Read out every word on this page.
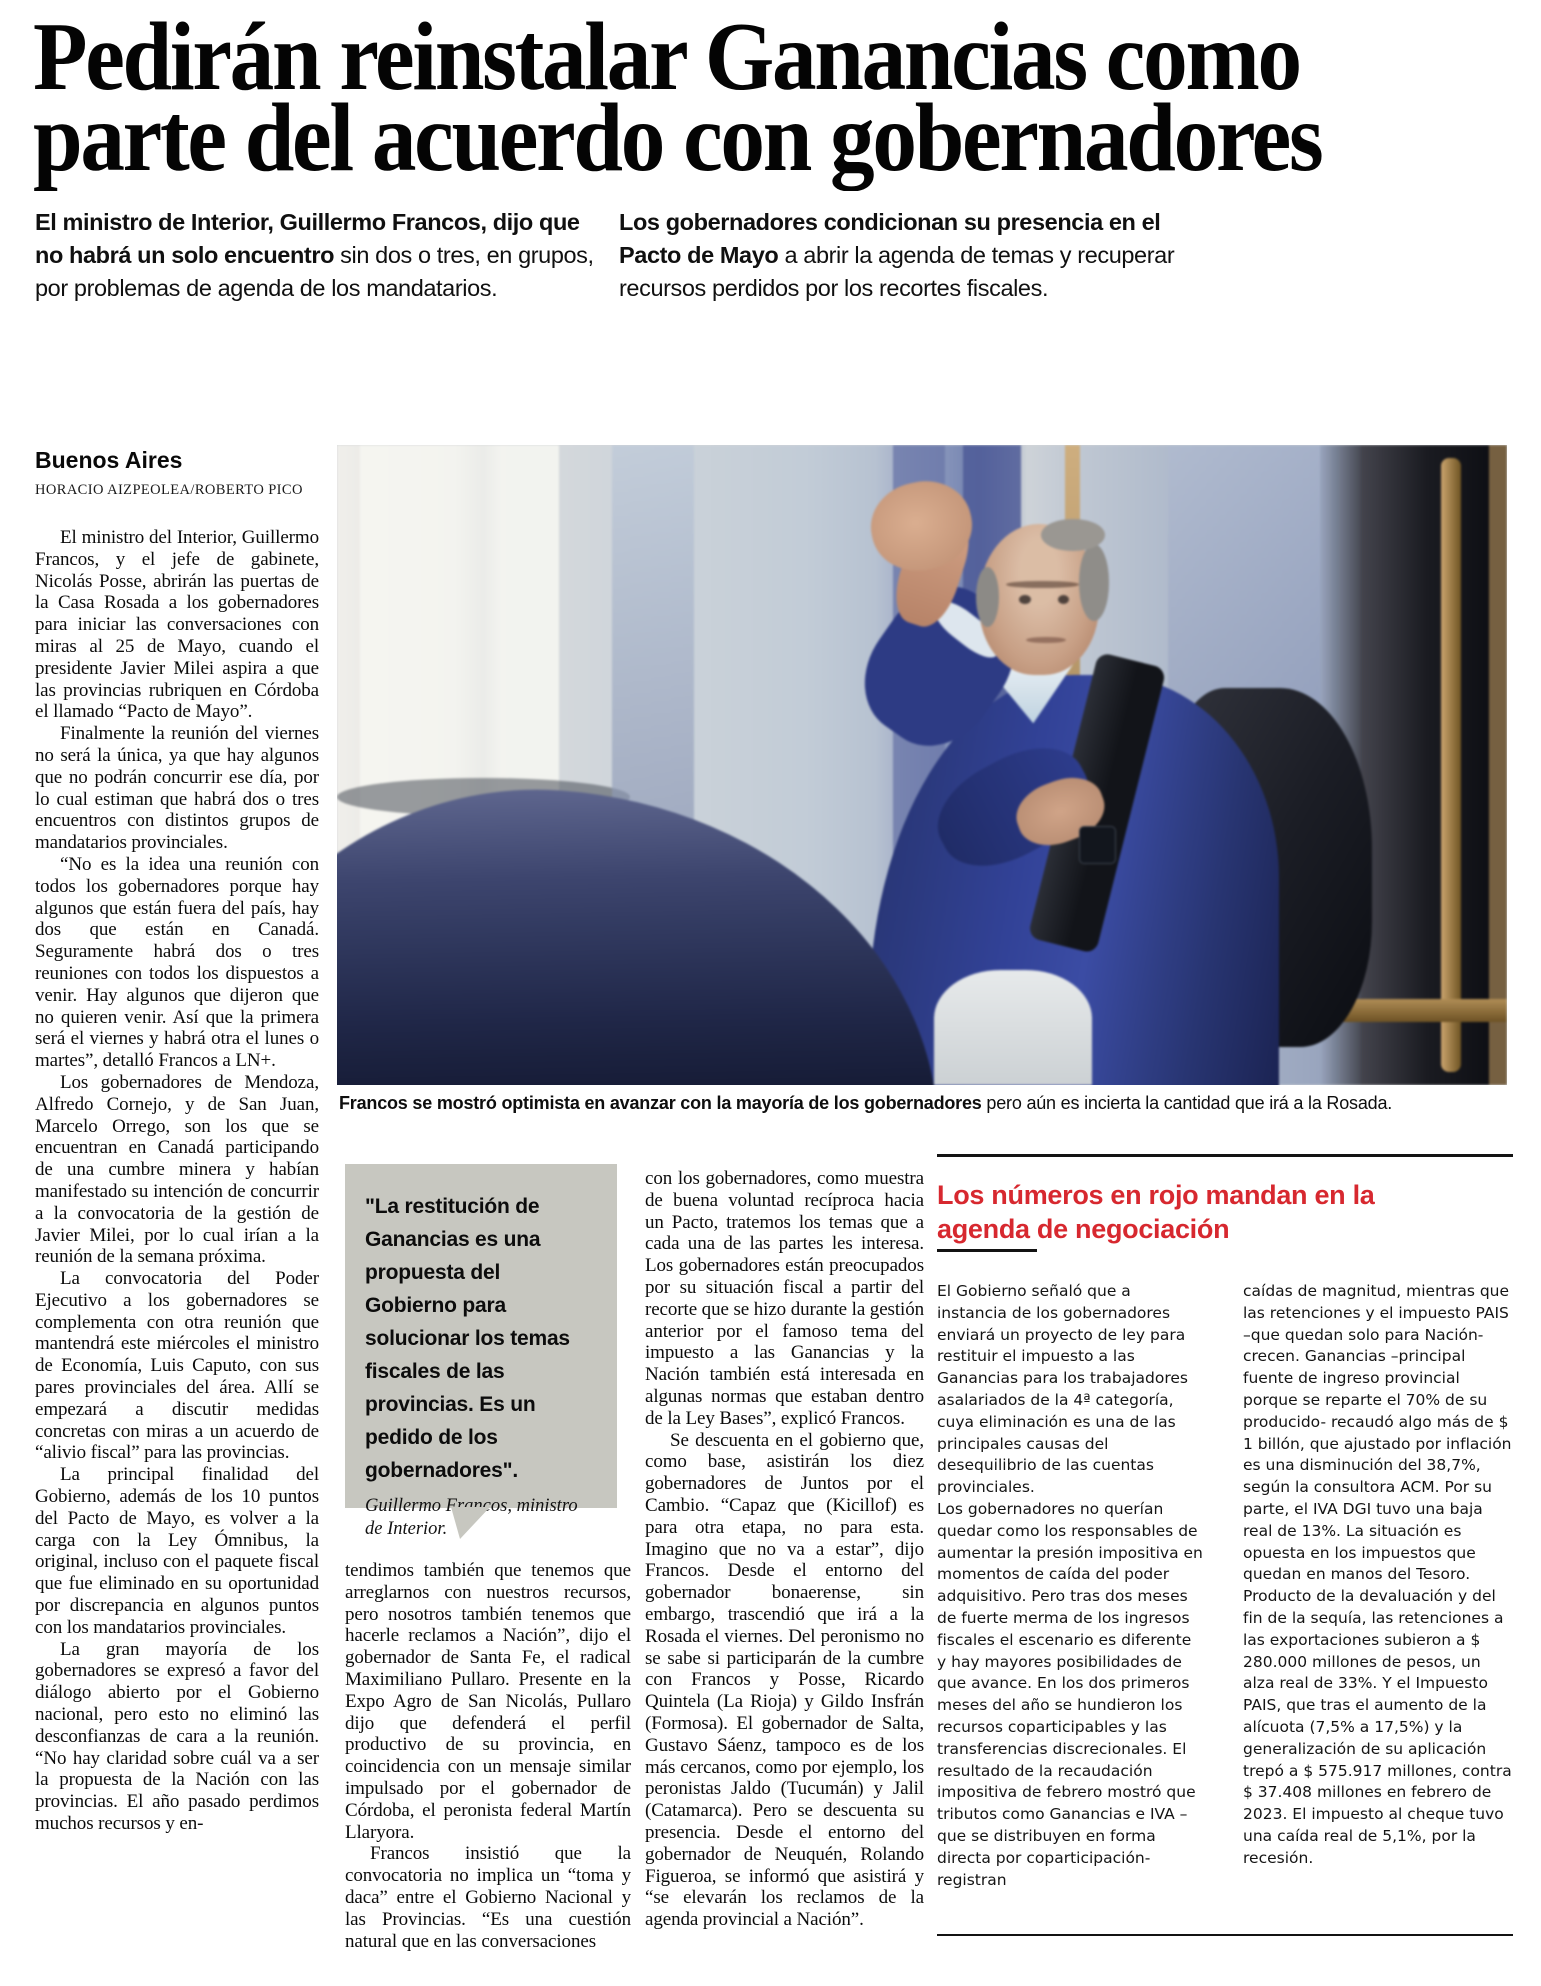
Pedirán reinstalar Ganancias como
parte del acuerdo con gobernadores
El ministro de Interior, Guillermo Francos, dijo que no habrá un solo encuentro sin dos o tres, en grupos, por problemas de agenda de los mandatarios.
Los gobernadores condicionan su presencia en el Pacto de Mayo a abrir la agenda de temas y recuperar recursos perdidos por los recortes fiscales.
Buenos Aires
HORACIO AIZPEOLEA/ROBERTO PICO

El ministro del Interior, Guillermo Francos, y el jefe de gabinete, Nicolás Posse, abrirán las puertas de la Casa Rosada a los gobernadores para iniciar las conversaciones con miras al 25 de Mayo, cuando el presidente Javier Milei aspira a que las provincias rubriquen en Córdoba el llamado “Pacto de Mayo”.

Finalmente la reunión del viernes no será la única, ya que hay algunos que no podrán concurrir ese día, por lo cual estiman que habrá dos o tres encuentros con distintos grupos de mandatarios provinciales.

“No es la idea una reunión con todos los gobernadores porque hay algunos que están fuera del país, hay dos que están en Canadá. Seguramente habrá dos o tres reuniones con todos los dispuestos a venir. Hay algunos que dijeron que no quieren venir. Así que la primera será el viernes y habrá otra el lunes o martes”, detalló Francos a LN+.

Los gobernadores de Mendoza, Alfredo Cornejo, y de San Juan, Marcelo Orrego, son los que se encuentran en Canadá participando de una cumbre minera y habían manifestado su intención de concurrir a la convocatoria de la gestión de Javier Milei, por lo cual irían a la reunión de la semana próxima.

La convocatoria del Poder Ejecutivo a los gobernadores se complementa con otra reunión que mantendrá este miércoles el ministro de Economía, Luis Caputo, con sus pares provinciales del área. Allí se empezará a discutir medidas concretas con miras a un acuerdo de “alivio fiscal” para las provincias.

La principal finalidad del Gobierno, además de los 10 puntos del Pacto de Mayo, es volver a la carga con la Ley Ómnibus, la original, incluso con el paquete fiscal que fue eliminado en su oportunidad por discrepancia en algunos puntos con los mandatarios provinciales.

La gran mayoría de los gobernadores se expresó a favor del diálogo abierto por el Gobierno nacional, pero esto no eliminó las desconfianzas de cara a la reunión. “No hay claridad sobre cuál va a ser la propuesta de la Nación con las provincias. El año pasado perdimos muchos recursos y en-

Francos se mostró optimista en avanzar con la mayoría de los gobernadores pero aún es incierta la cantidad que irá a la Rosada.
"La restitución de Ganancias es una propuesta del Gobierno para solucionar los temas fiscales de las provincias. Es un pedido de los gobernadores".
Guillermo Francos, ministro de Interior.

tendimos también que tenemos que arreglarnos con nuestros recursos, pero nosotros también tenemos que hacerle reclamos a Nación”, dijo el gobernador de Santa Fe, el radical Maximiliano Pullaro. Presente en la Expo Agro de San Nicolás, Pullaro dijo que defenderá el perfil productivo de su provincia, en coincidencia con un mensaje similar impulsado por el gobernador de Córdoba, el peronista federal Martín Llaryora.

Francos insistió que la convocatoria no implica un “toma y daca” entre el Gobierno Nacional y las Provincias. “Es una cuestión natural que en las conversaciones

con los gobernadores, como muestra de buena voluntad recíproca hacia un Pacto, tratemos los temas que a cada una de las partes les interesa. Los gobernadores están preocupados por su situación fiscal a partir del recorte que se hizo durante la gestión anterior por el famoso tema del impuesto a las Ganancias y la Nación también está interesada en algunas normas que estaban dentro de la Ley Bases”, explicó Francos.

Se descuenta en el gobierno que, como base, asistirán los diez gobernadores de Juntos por el Cambio. “Capaz que (Kicillof) es para otra etapa, no para esta. Imagino que no va a estar”, dijo Francos. Desde el entorno del gobernador bonaerense, sin embargo, trascendió que irá a la Rosada el viernes. Del peronismo no se sabe si participarán de la cumbre con Francos y Posse, Ricardo Quintela (La Rioja) y Gildo Insfrán (Formosa). El gobernador de Salta, Gustavo Sáenz, tampoco es de los más cercanos, como por ejemplo, los peronistas Jaldo (Tucumán) y Jalil (Catamarca). Pero se descuenta su presencia. Desde el entorno del gobernador de Neuquén, Rolando Figueroa, se informó que asistirá y “se elevarán los reclamos de la agenda provincial a Nación”.

Los números en rojo mandan en la agenda de negociación

El Gobierno señaló que a instancia de los gobernadores enviará un proyecto de ley para restituir el impuesto a las Ganancias para los trabajadores asalariados de la 4ª categoría, cuya eliminación es una de las principales causas del desequilibrio de las cuentas provinciales.

Los gobernadores no querían quedar como los responsables de aumentar la presión impositiva en momentos de caída del poder adquisitivo. Pero tras dos meses de fuerte merma de los ingresos fiscales el escenario es diferente y hay mayores posibilidades de que avance. En los dos primeros meses del año se hundieron los recursos coparticipables y las transferencias discrecionales. El resultado de la recaudación impositiva de febrero mostró que tributos como Ganancias e IVA –que se distribuyen en forma directa por coparticipación- registran

caídas de magnitud, mientras que las retenciones y el impuesto PAIS –que quedan solo para Nación- crecen. Ganancias –principal fuente de ingreso provincial porque se reparte el 70% de su producido- recaudó algo más de $ 1 billón, que ajustado por inflación es una disminución del 38,7%, según la consultora ACM. Por su parte, el IVA DGI tuvo una baja real de 13%. La situación es opuesta en los impuestos que quedan en manos del Tesoro. Producto de la devaluación y del fin de la sequía, las retenciones a las exportaciones subieron a $ 280.000 millones de pesos, un alza real de 33%. Y el Impuesto PAIS, que tras el aumento de la alícuota (7,5% a 17,5%) y la generalización de su aplicación trepó a $ 575.917 millones, contra $ 37.408 millones en febrero de 2023. El impuesto al cheque tuvo una caída real de 5,1%, por la recesión.
